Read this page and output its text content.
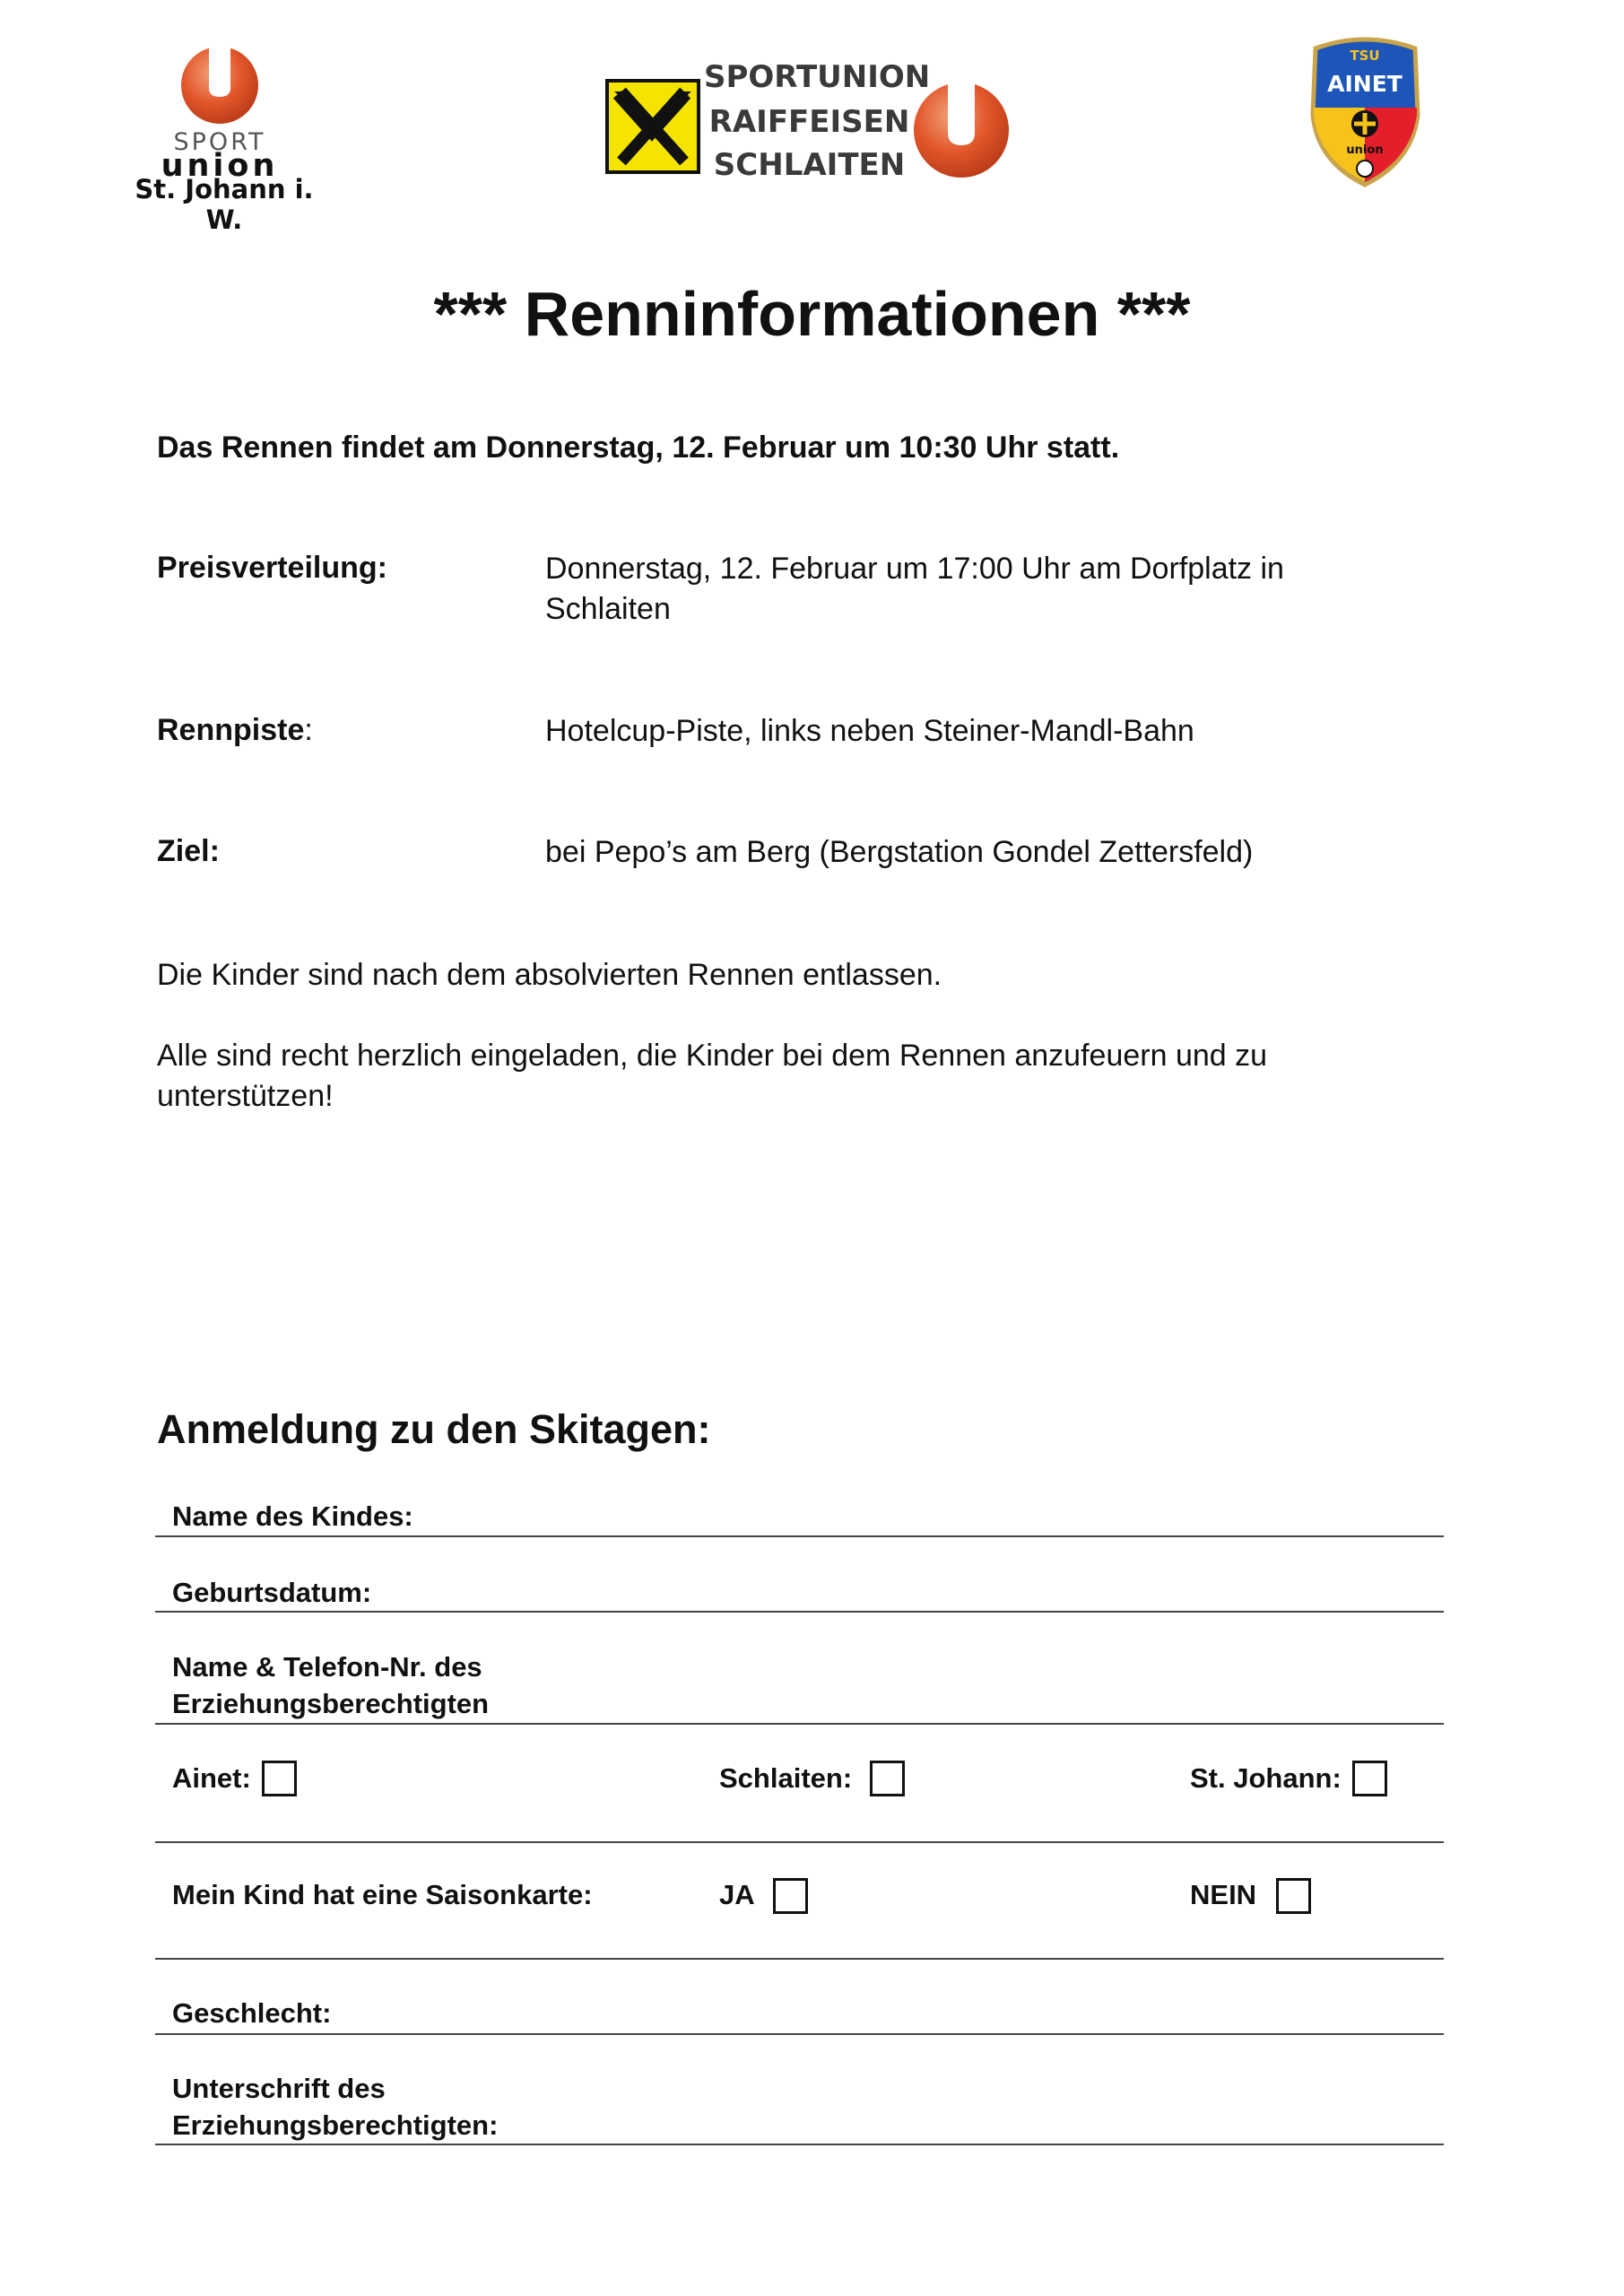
SPORT
union
St. Johann i. W.
SPORTUNION
RAIFFEISEN
SCHLAITEN
TSU
AINET
union
*** Renninformationen ***
Das Rennen findet am Donnerstag, 12. Februar um 10:30 Uhr statt.
Preisverteilung:	Donnerstag, 12. Februar um 17:00 Uhr am Dorfplatz in Schlaiten
Rennpiste:	Hotelcup-Piste, links neben Steiner-Mandl-Bahn
Ziel:	bei Pepo’s am Berg (Bergstation Gondel Zettersfeld)
Die Kinder sind nach dem absolvierten Rennen entlassen.
Alle sind recht herzlich eingeladen, die Kinder bei dem Rennen anzufeuern und zu unterstützen!
Anmeldung zu den Skitagen:
Name des Kindes:
Geburtsdatum:
Name & Telefon-Nr. des
Erziehungsberechtigten
Ainet:	Schlaiten:	St. Johann:
Mein Kind hat eine Saisonkarte:	JA	NEIN
Geschlecht:
Unterschrift des
Erziehungsberechtigten:
